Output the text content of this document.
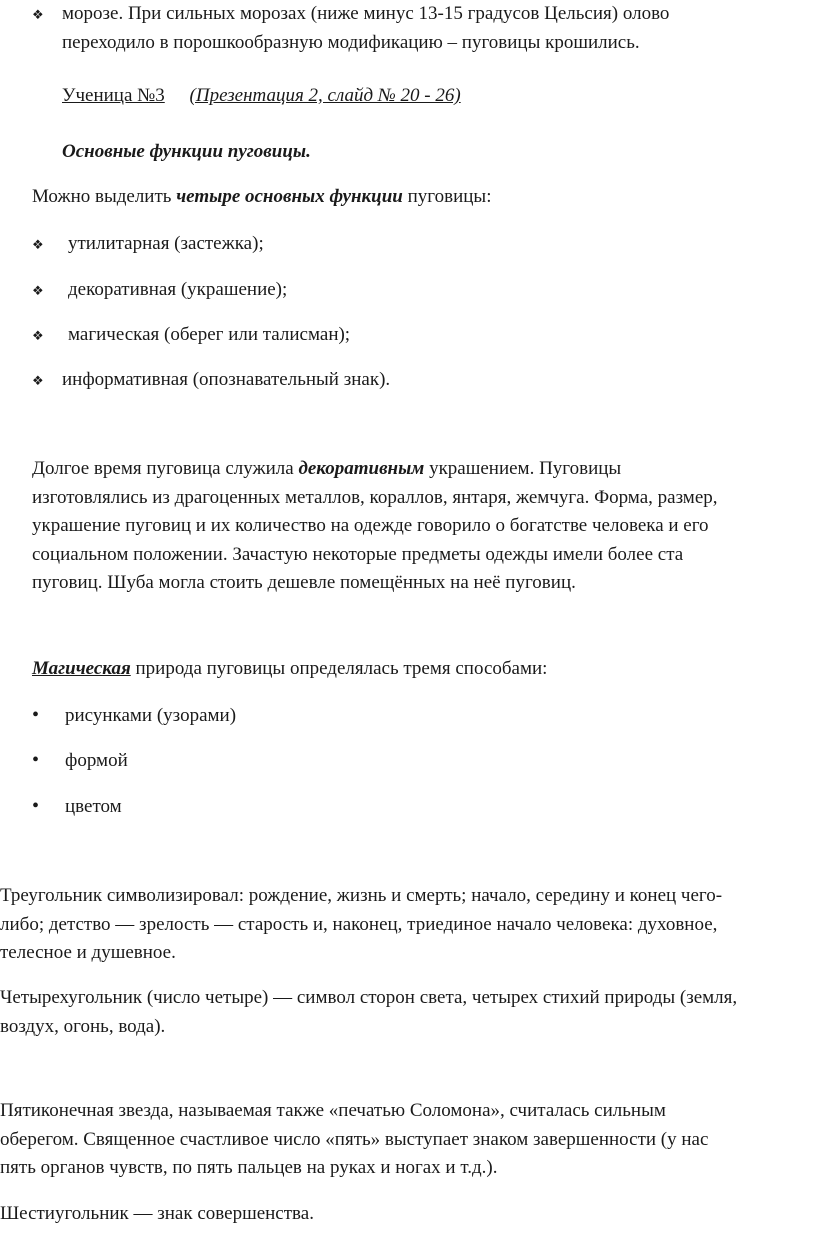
❖ морозе. При сильных морозах (ниже минус 13-15 градусов Цельсия) олово
переходило в порошкообразную модификацию – пуговицы крошились.
Ученица №3 (Презентация 2, слайд № 20 - 26)
Основные функции пуговицы.
Можно выделить четыре основных функции пуговицы:
❖ утилитарная (застежка);
❖ декоративная (украшение);
❖ магическая (оберег или талисман);
❖ информативная (опознавательный знак).
Долгое время пуговица служила декоративным украшением. Пуговицы
изготовлялись из драгоценных металлов, кораллов, янтаря, жемчуга. Форма, размер,
украшение пуговиц и их количество на одежде говорило о богатстве человека и его
социальном положении. Зачастую некоторые предметы одежды имели более ста
пуговиц. Шуба могла стоить дешевле помещённых на неё пуговиц.
Магическая природа пуговицы определялась тремя способами:
• рисунками (узорами)
• формой
• цветом
Треугольник символизировал: рождение, жизнь и смерть; начало, середину и конец чего-
либо; детство — зрелость — старость и, наконец, триединое начало человека: духовное,
телесное и душевное.
Четырехугольник (число четыре) — символ сторон света, четырех стихий природы (земля,
воздух, огонь, вода).
Пятиконечная звезда, называемая также «печатью Соломона», считалась сильным
оберегом. Священное счастливое число «пять» выступает знаком завершенности (у нас
пять органов чувств, по пять пальцев на руках и ногах и т.д.).
Шестиугольник — знак совершенства.
